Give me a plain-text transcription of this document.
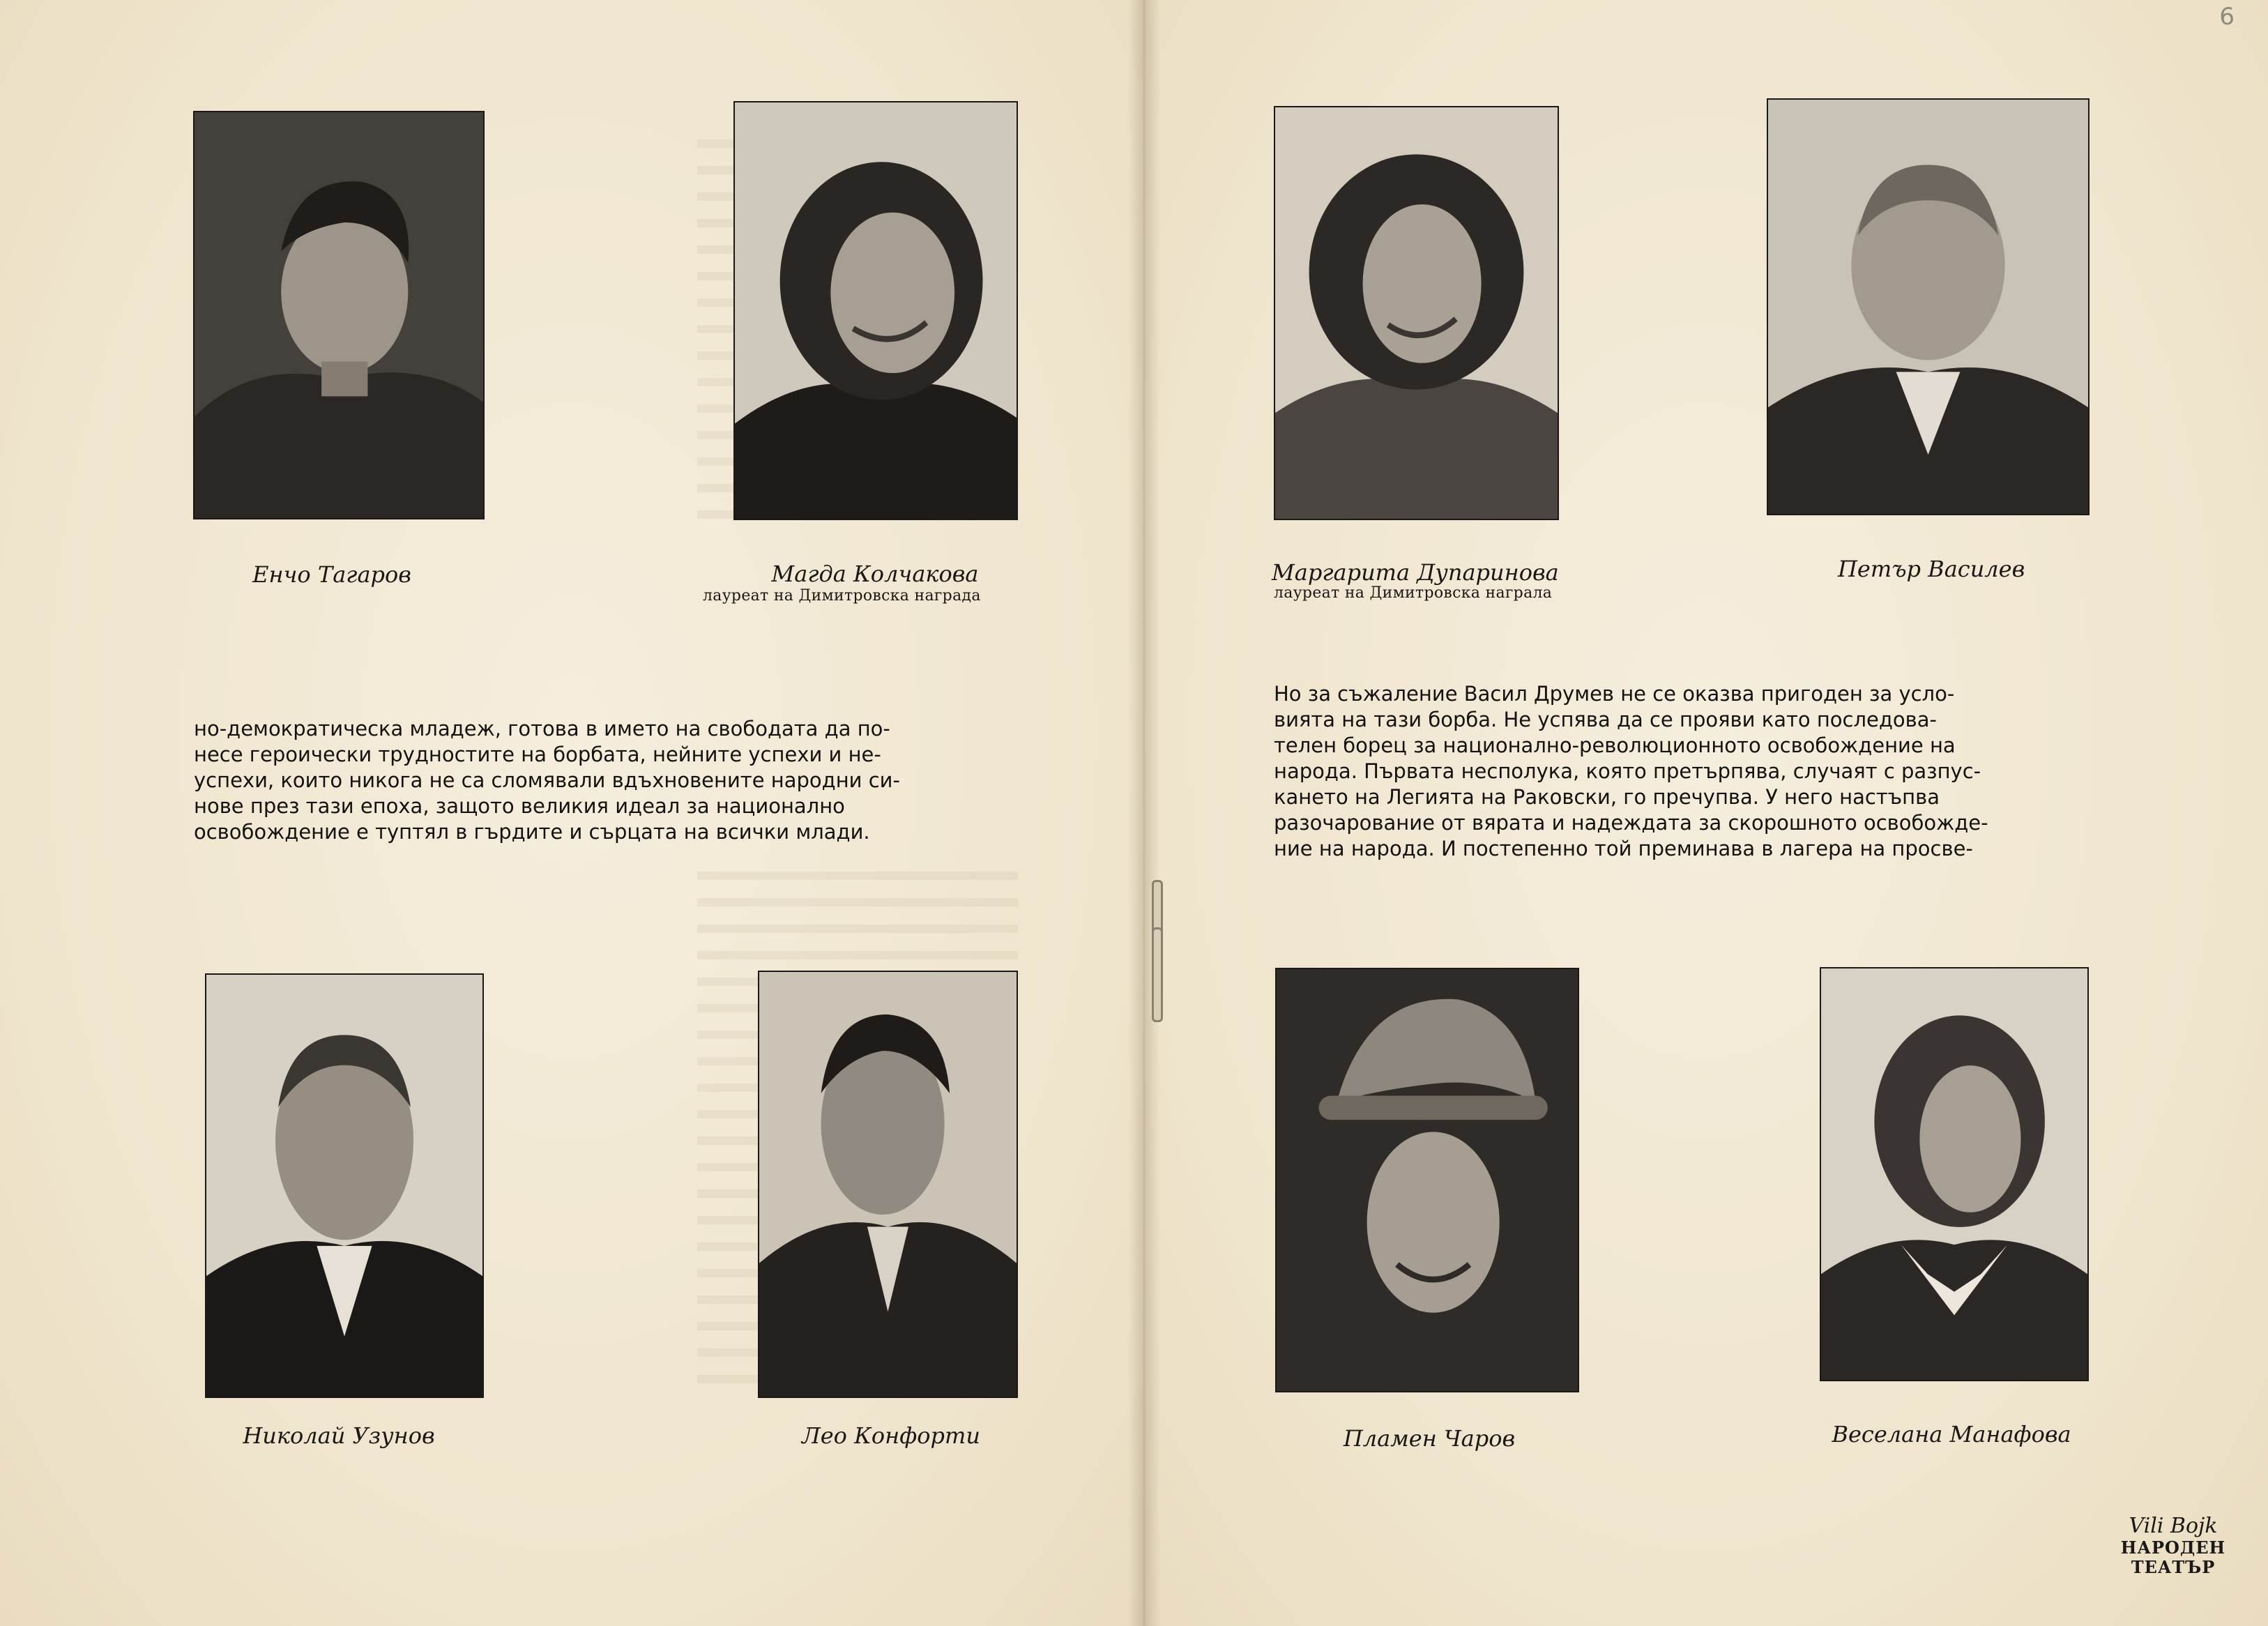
6
Енчо Тагаров	Магда Колчакова
лауреат на Димитровска награда
но-демократическа младеж, готова в името на свободата да по-
несе героически трудностите на борбата, нейните успехи и не-
успехи, които никога не са сломявали вдъхновените народни си-
нове през тази епоха, защото великия идеал за национално
освобождение е туптял в гърдите и сърцата на всички млади.
Николай Узунов	Лео Конфорти
Маргарита Дупаринова
лауреат на Димитровска награла
Петър Василев
Но за съжаление Васил Друмев не се оказва пригоден за усло-
вията на тази борба. Не успява да се прояви като последова-
телен борец за национално-революционното освобождение на
народа. Първата несполука, която претърпява, случаят с разпус-
кането на Легията на Раковски, го пречупва. У него настъпва
разочарование от вярата и надеждата за скорошното освобожде-
ние на народа. И постепенно той преминава в лагера на просве-
Пламен Чаров	Веселана Манафова
Vili Bojk
НАРОДЕН
ТЕАТЪР
